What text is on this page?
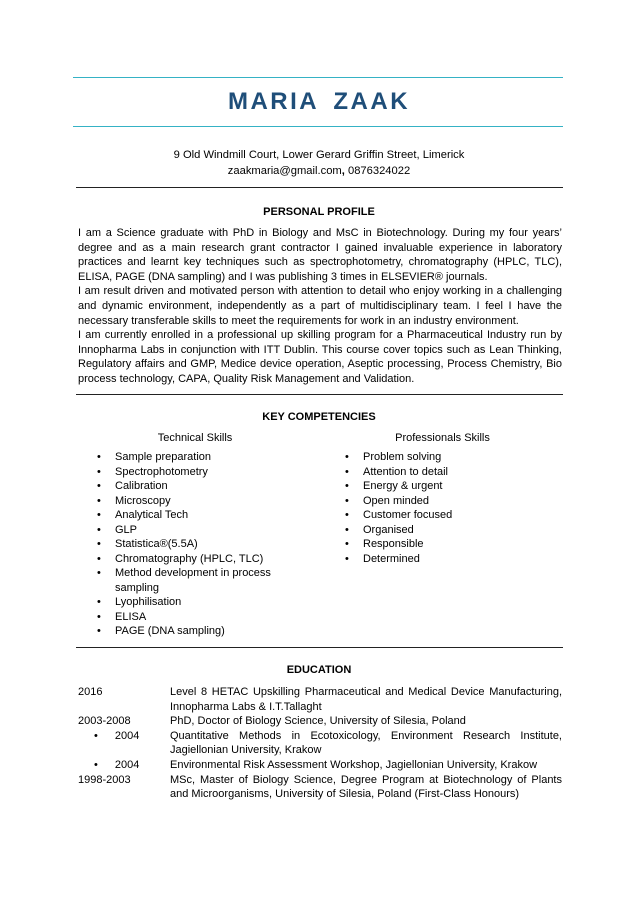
MARIA ZAAK
9 Old Windmill Court, Lower Gerard Griffin Street, Limerick
zaakmaria@gmail.com, 0876324022
PERSONAL PROFILE

I am a Science graduate with PhD in Biology and MsC in Biotechnology. During my four years’ degree and as a main research grant contractor I gained invaluable experience in laboratory practices and learnt key techniques such as spectrophotometry, chromatography (HPLC, TLC), ELISA, PAGE (DNA sampling) and I was publishing 3 times in ELSEVIER® journals.

I am result driven and motivated person with attention to detail who enjoy working in a challenging and dynamic environment, independently as a part of multidisciplinary team. I feel I have the necessary transferable skills to meet the requirements for work in an industry environment.

I am currently enrolled in a professional up skilling program for a Pharmaceutical Industry run by Innopharma Labs in conjunction with ITT Dublin. This course cover topics such as Lean Thinking, Regulatory affairs and GMP, Medice device operation, Aseptic processing, Process Chemistry, Bio process technology, CAPA, Quality Risk Management and Validation.

KEY COMPETENCIES
Technical Skills	Professionals Skills
• Sample preparation
• Spectrophotometry
• Calibration
• Microscopy
• Analytical Tech
• GLP
• Statistica®(5.5A)
• Chromatography (HPLC, TLC)
• Method development in process sampling
• Lyophilisation
• ELISA
• PAGE (DNA sampling)
• Problem solving
• Attention to detail
• Energy & urgent
• Open minded
• Customer focused
• Organised
• Responsible
• Determined
EDUCATION
2016	Level 8 HETAC Upskilling Pharmaceutical and Medical Device Manufacturing, Innopharma Labs & I.T.Tallaght
2003-2008	PhD, Doctor of Biology Science, University of Silesia, Poland
• 2004	Quantitative Methods in Ecotoxicology, Environment Research Institute, Jagiellonian University, Krakow
• 2004	Environmental Risk Assessment Workshop, Jagiellonian University, Krakow
1998-2003	MSc, Master of Biology Science, Degree Program at Biotechnology of Plants and Microorganisms, University of Silesia, Poland (First-Class Honours)
